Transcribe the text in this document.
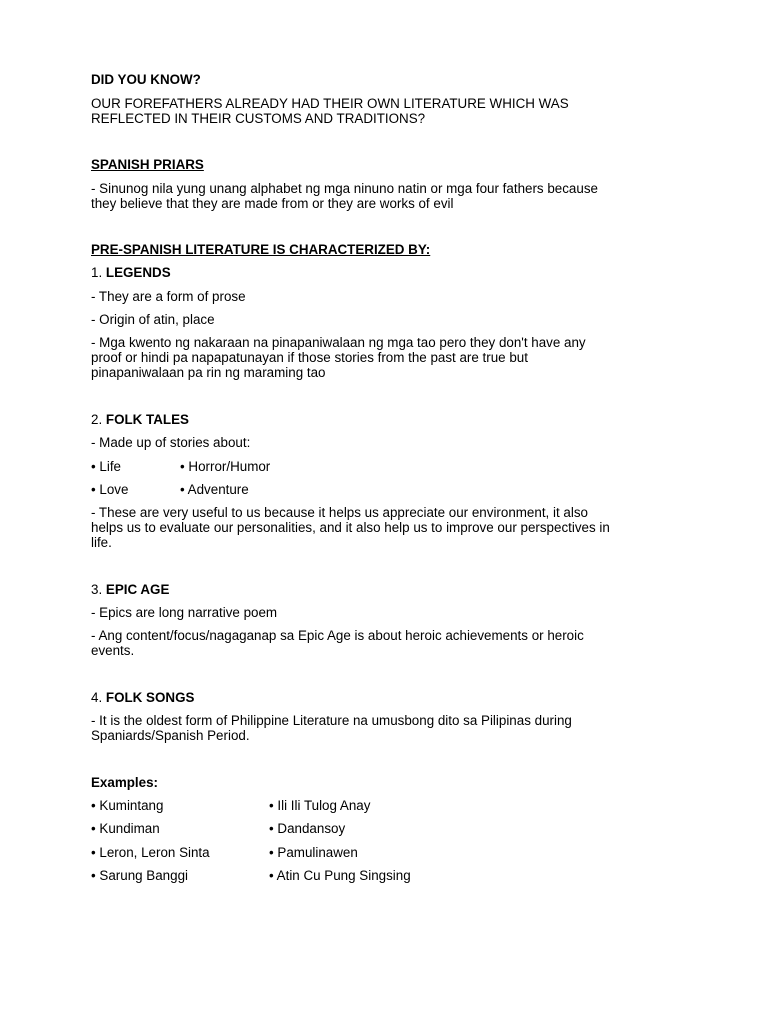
DID YOU KNOW?

OUR FOREFATHERS ALREADY HAD THEIR OWN LITERATURE WHICH WAS

REFLECTED IN THEIR CUSTOMS AND TRADITIONS?

SPANISH PRIARS

- Sinunog nila yung unang alphabet ng mga ninuno natin or mga four fathers because

they believe that they are made from or they are works of evil

PRE-SPANISH LITERATURE IS CHARACTERIZED BY:

1. LEGENDS

- They are a form of prose

- Origin of atin, place

- Mga kwento ng nakaraan na pinapaniwalaan ng mga tao pero they don't have any

proof or hindi pa napapatunayan if those stories from the past are true but

pinapaniwalaan pa rin ng maraming tao

2. FOLK TALES

- Made up of stories about:

• Life	• Horror/Humor
• Love	• Adventure

- These are very useful to us because it helps us appreciate our environment, it also

helps us to evaluate our personalities, and it also help us to improve our perspectives in

life.

3. EPIC AGE

- Epics are long narrative poem

- Ang content/focus/nagaganap sa Epic Age is about heroic achievements or heroic

events.

4. FOLK SONGS

- It is the oldest form of Philippine Literature na umusbong dito sa Pilipinas during

Spaniards/Spanish Period.

Examples:

• Kumintang	• Ili Ili Tulog Anay
• Kundiman	• Dandansoy
• Leron, Leron Sinta	• Pamulinawen
• Sarung Banggi	• Atin Cu Pung Singsing
